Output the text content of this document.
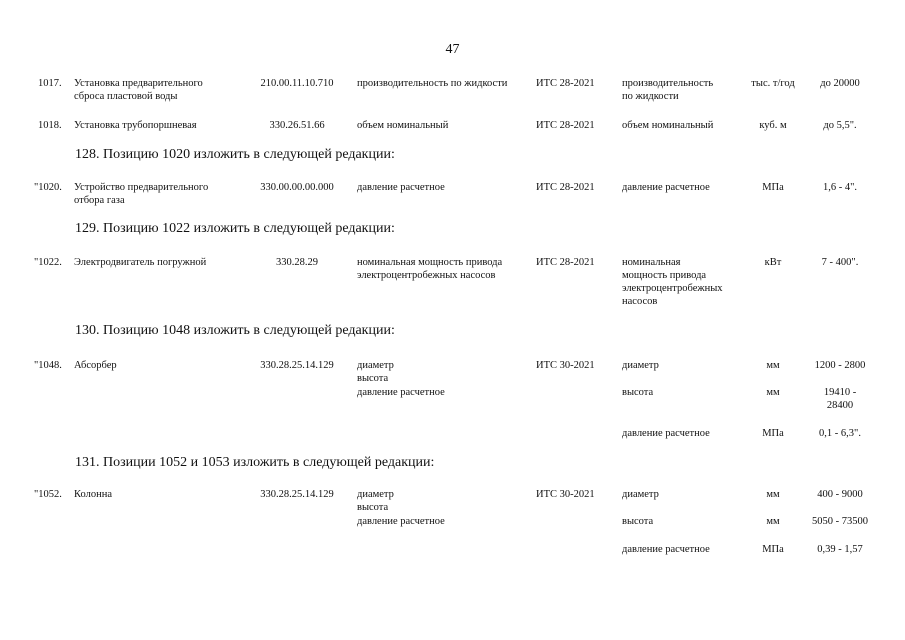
47
1017. Установка предварительного
сброса пластовой воды
210.00.11.10.710	производительность по жидкости	ИТС 28-2021	производительность
по жидкости
тыс. т/год	до 20000
1018. Установка трубопоршневая	330.26.51.66	объем номинальный	ИТС 28-2021	объем номинальный	куб. м	до 5,5".
128. Позицию 1020 изложить в следующей редакции:
"1020. Устройство предварительного
отбора газа
330.00.00.00.000	давление расчетное	ИТС 28-2021	давление расчетное	МПа	1,6 - 4".
129. Позицию 1022 изложить в следующей редакции:
"1022. Электродвигатель погружной	330.28.29	номинальная мощность привода
электроцентробежных насосов
ИТС 28-2021	номинальная
мощность привода
электроцентробежных
насосов
кВт	7 - 400".
130. Позицию 1048 изложить в следующей редакции:
"1048. Абсорбер	330.28.25.14.129	диаметр
высота
давление расчетное
ИТС 30-2021	диаметр	мм	1200 - 2800
высота	мм	19410 -
28400
давление расчетное	МПа	0,1 - 6,3".
131. Позиции 1052 и 1053 изложить в следующей редакции:
"1052. Колонна	330.28.25.14.129	диаметр
высота
давление расчетное
ИТС 30-2021	диаметр	мм	400 - 9000
высота	мм	5050 - 73500
давление расчетное	МПа	0,39 - 1,57
